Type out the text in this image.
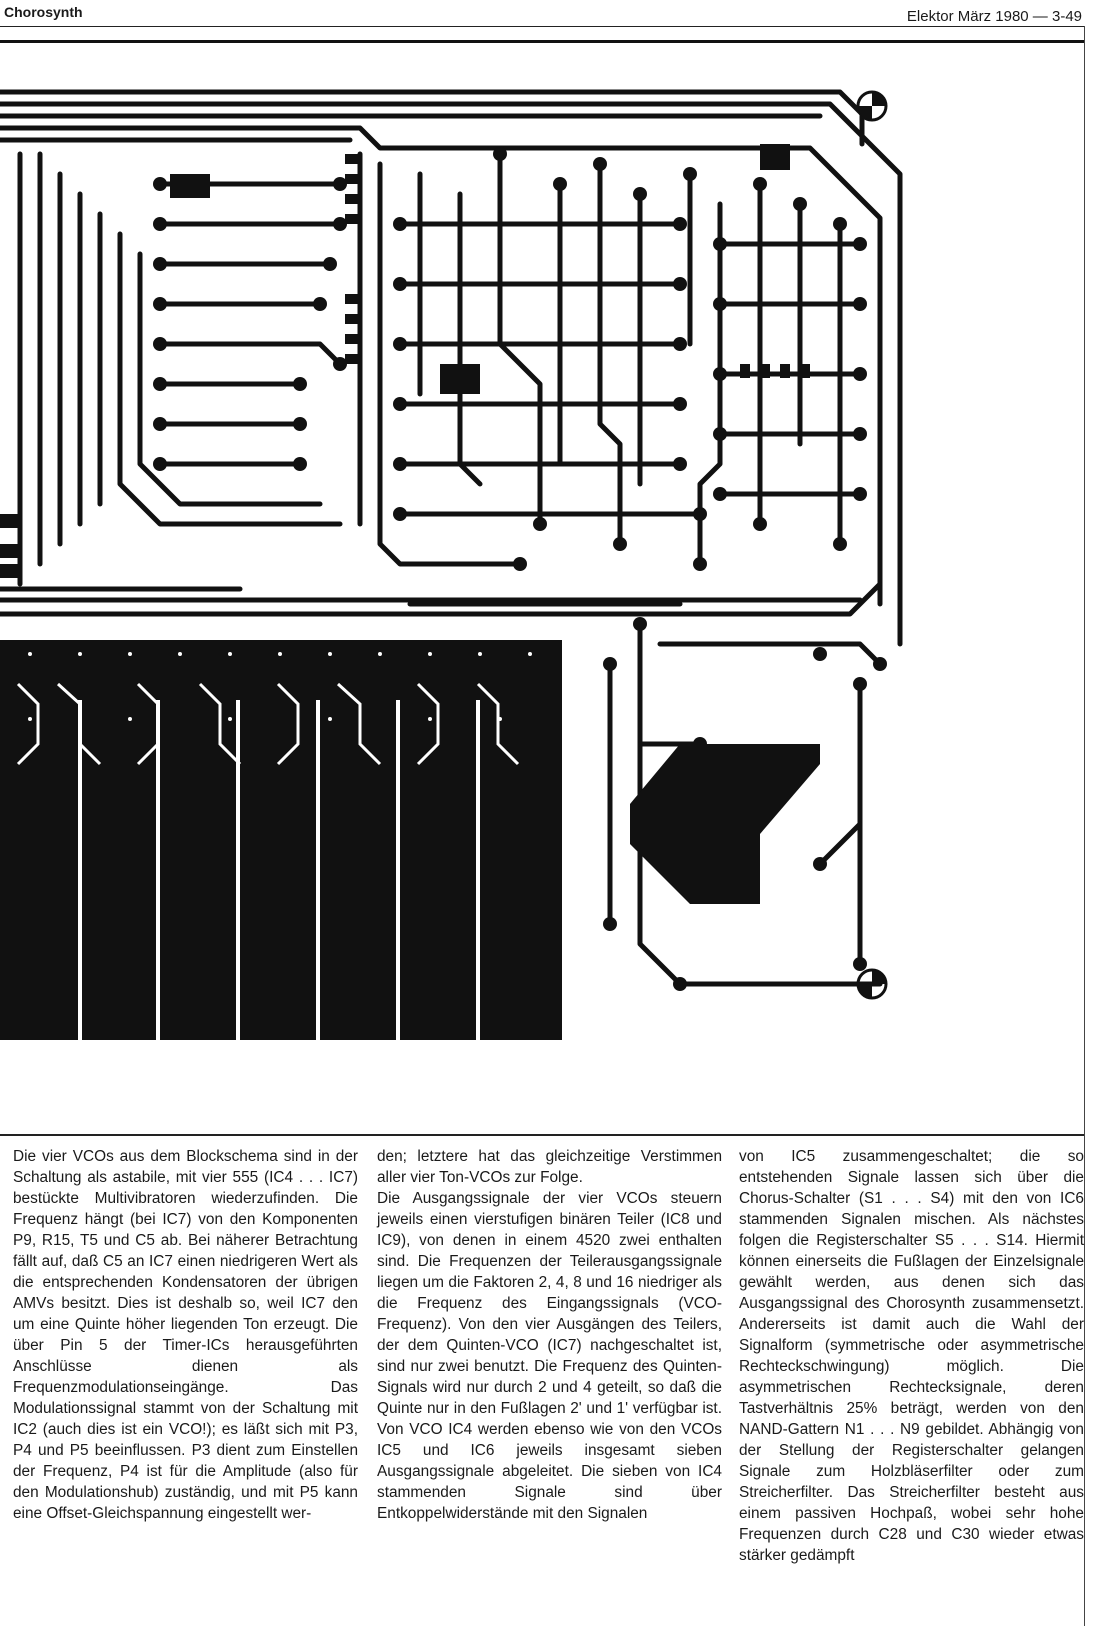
Chorosynth	Elektor März 1980 — 3-49

Die vier VCOs aus dem Blockschema sind in der Schaltung als astabile, mit vier 555 (IC4 . . . IC7) bestückte Multivibratoren wiederzufinden. Die Frequenz hängt (bei IC7) von den Komponenten P9, R15, T5 und C5 ab. Bei näherer Betrachtung fällt auf, daß C5 an IC7 einen niedrigeren Wert als die entsprechenden Kondensatoren der übrigen AMVs besitzt. Dies ist deshalb so, weil IC7 den um eine Quinte höher liegenden Ton erzeugt. Die über Pin 5 der Timer-ICs herausgeführten Anschlüsse dienen als Frequenzmodulationseingänge. Das Modulationssignal stammt von der Schaltung mit IC2 (auch dies ist ein VCO!); es läßt sich mit P3, P4 und P5 beeinflussen. P3 dient zum Einstellen der Frequenz, P4 ist für die Amplitude (also für den Modulationshub) zuständig, und mit P5 kann eine Offset-Gleichspannung eingestellt wer-

den; letztere hat das gleichzeitige Verstimmen aller vier Ton-VCOs zur Folge.

Die Ausgangssignale der vier VCOs steuern jeweils einen vierstufigen binären Teiler (IC8 und IC9), von denen in einem 4520 zwei enthalten sind. Die Frequenzen der Teilerausgangssignale liegen um die Faktoren 2, 4, 8 und 16 niedriger als die Frequenz des Eingangssignals (VCO-Frequenz). Von den vier Ausgängen des Teilers, der dem Quinten-VCO (IC7) nachgeschaltet ist, sind nur zwei benutzt. Die Frequenz des Quinten-Signals wird nur durch 2 und 4 geteilt, so daß die Quinte nur in den Fußlagen 2' und 1' verfügbar ist. Von VCO IC4 werden ebenso wie von den VCOs IC5 und IC6 jeweils insgesamt sieben Ausgangssignale abgeleitet. Die sieben von IC4 stammenden Signale sind über Entkoppelwiderstände mit den Signalen

von IC5 zusammengeschaltet; die so entstehenden Signale lassen sich über die Chorus-Schalter (S1 . . . S4) mit den von IC6 stammenden Signalen mischen. Als nächstes folgen die Registerschalter S5 . . . S14. Hiermit können einerseits die Fußlagen der Einzelsignale gewählt werden, aus denen sich das Ausgangssignal des Chorosynth zusammensetzt. Andererseits ist damit auch die Wahl der Signalform (symmetrische oder asymmetrische Rechteckschwingung) möglich. Die asymmetrischen Rechtecksignale, deren Tastverhältnis 25% beträgt, werden von den NAND-Gattern N1 . . . N9 gebildet. Abhängig von der Stellung der Registerschalter gelangen Signale zum Holzbläserfilter oder zum Streicherfilter. Das Streicherfilter besteht aus einem passiven Hochpaß, wobei sehr hohe Frequenzen durch C28 und C30 wieder etwas stärker gedämpft
